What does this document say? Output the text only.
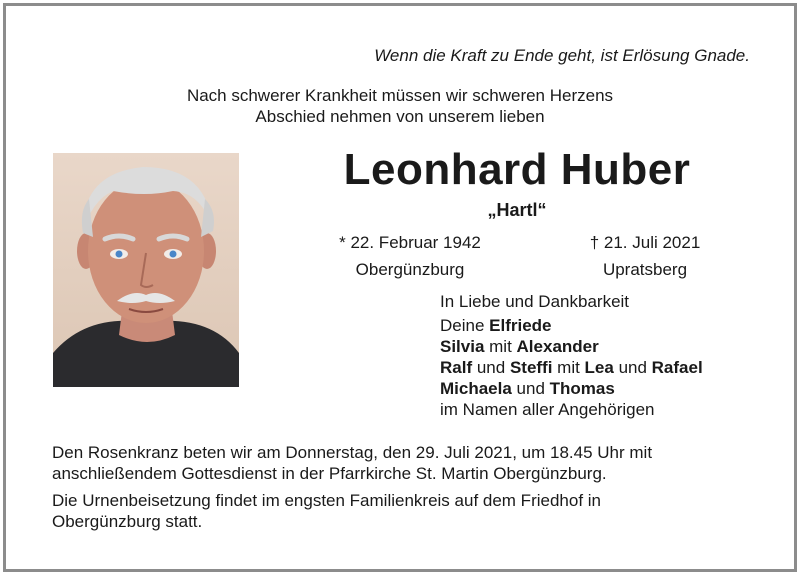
Wenn die Kraft zu Ende geht, ist Erlösung Gnade.
Nach schwerer Krankheit müssen wir schweren Herzens
Abschied nehmen von unserem lieben
Leonhard Huber
„Hartl“
* 22. Februar 1942
Obergünzburg
† 21. Juli 2021
Upratsberg
In Liebe und Dankbarkeit
Deine Elfriede
Silvia mit Alexander
Ralf und Steffi mit Lea und Rafael
Michaela und Thomas
im Namen aller Angehörigen
Den Rosenkranz beten wir am Donnerstag, den 29. Juli 2021, um 18.45 Uhr mit
anschließendem Gottesdienst in der Pfarrkirche St. Martin Obergünzburg.
Die Urnenbeisetzung findet im engsten Familienkreis auf dem Friedhof in
Obergünzburg statt.
